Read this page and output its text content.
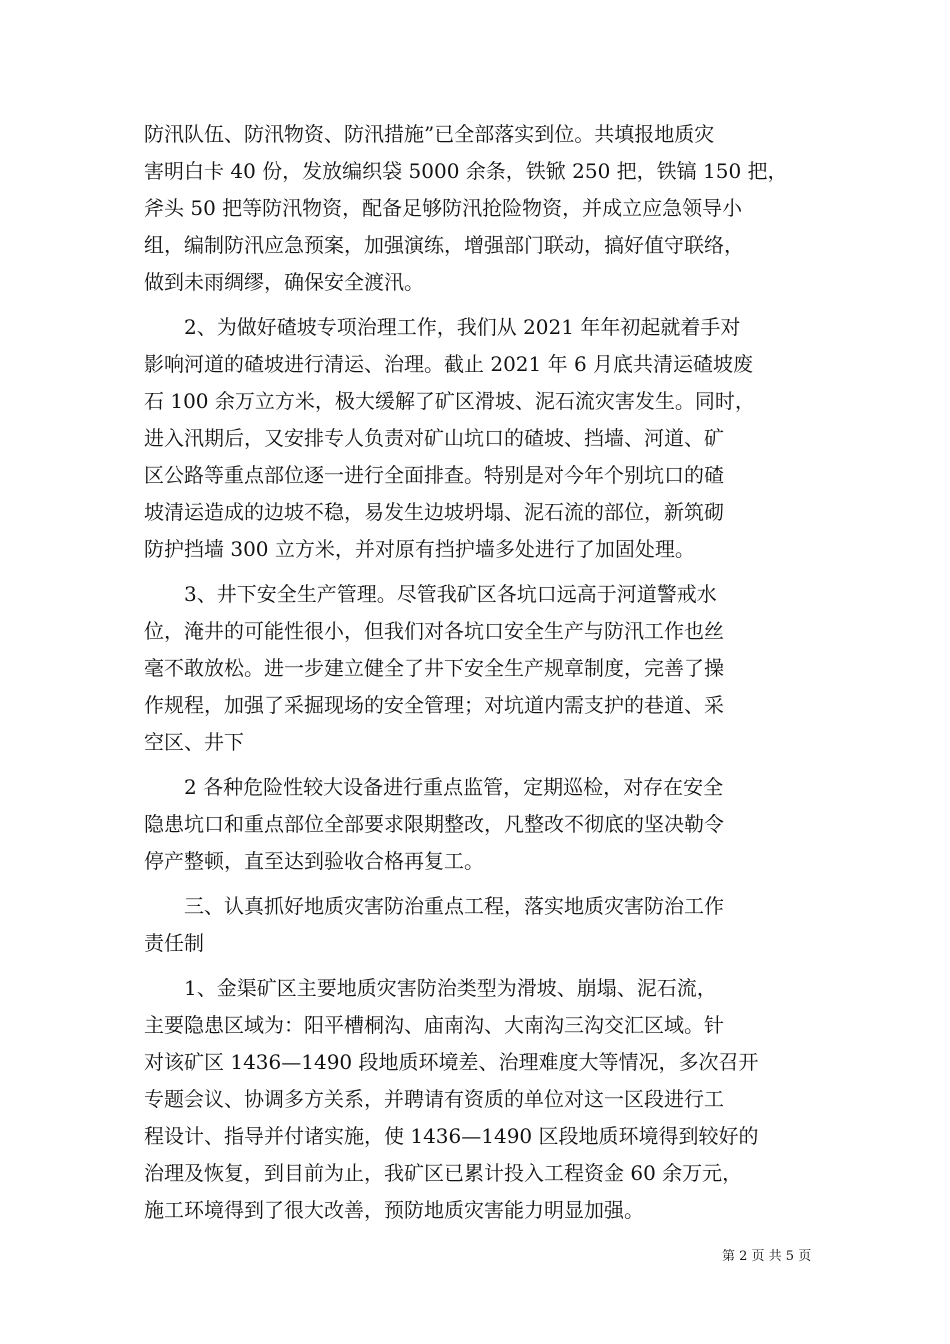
防汛队伍、防汛物资、防汛措施”已全部落实到位。共填报地质灾
害明白卡 40 份，发放编织袋 5000 余条，铁锨 250 把，铁镐 150 把，
斧头 50 把等防汛物资，配备足够防汛抢险物资，并成立应急领导小
组，编制防汛应急预案，加强演练，增强部门联动，搞好值守联络，
做到未雨绸缪，确保安全渡汛。
　　2、为做好碴坡专项治理工作，我们从 2021 年年初起就着手对
影响河道的碴坡进行清运、治理。截止 2021 年 6 月底共清运碴坡废
石 100 余万立方米，极大缓解了矿区滑坡、泥石流灾害发生。同时，
进入汛期后，又安排专人负责对矿山坑口的碴坡、挡墙、河道、矿
区公路等重点部位逐一进行全面排查。特别是对今年个别坑口的碴
坡清运造成的边坡不稳，易发生边坡坍塌、泥石流的部位，新筑砌
防护挡墙 300 立方米，并对原有挡护墙多处进行了加固处理。
　　3、井下安全生产管理。尽管我矿区各坑口远高于河道警戒水
位，淹井的可能性很小，但我们对各坑口安全生产与防汛工作也丝
毫不敢放松。进一步建立健全了井下安全生产规章制度，完善了操
作规程，加强了采掘现场的安全管理；对坑道内需支护的巷道、采
空区、井下
　　2 各种危险性较大设备进行重点监管，定期巡检，对存在安全
隐患坑口和重点部位全部要求限期整改，凡整改不彻底的坚决勒令
停产整顿，直至达到验收合格再复工。
　　三、认真抓好地质灾害防治重点工程，落实地质灾害防治工作
责任制
　　1、金渠矿区主要地质灾害防治类型为滑坡、崩塌、泥石流，
主要隐患区域为：阳平槽桐沟、庙南沟、大南沟三沟交汇区域。针
对该矿区 1436—1490 段地质环境差、治理难度大等情况，多次召开
专题会议、协调多方关系，并聘请有资质的单位对这一区段进行工
程设计、指导并付诸实施，使 1436—1490 区段地质环境得到较好的
治理及恢复，到目前为止，我矿区已累计投入工程资金 60 余万元，
施工环境得到了很大改善，预防地质灾害能力明显加强。
第 2 页 共 5 页
